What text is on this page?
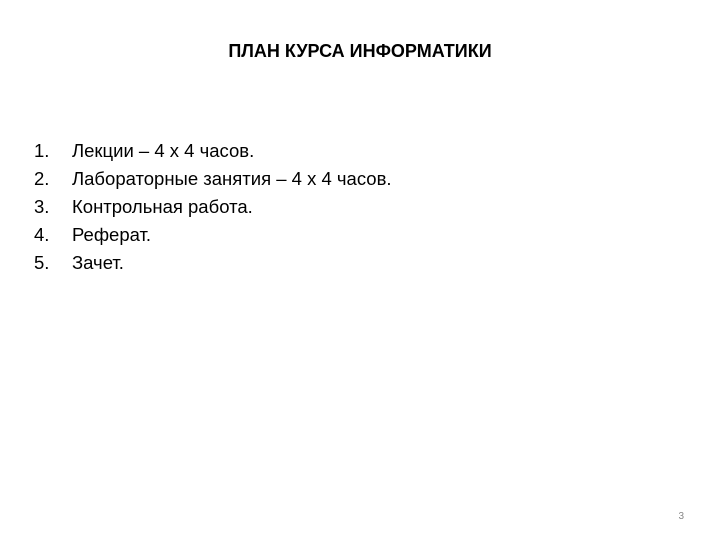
ПЛАН КУРСА ИНФОРМАТИКИ
1.	Лекции – 4 х 4 часов.
2.	Лабораторные занятия – 4 х 4 часов.
3.	Контрольная работа.
4.	Реферат.
5.	Зачет.
3
